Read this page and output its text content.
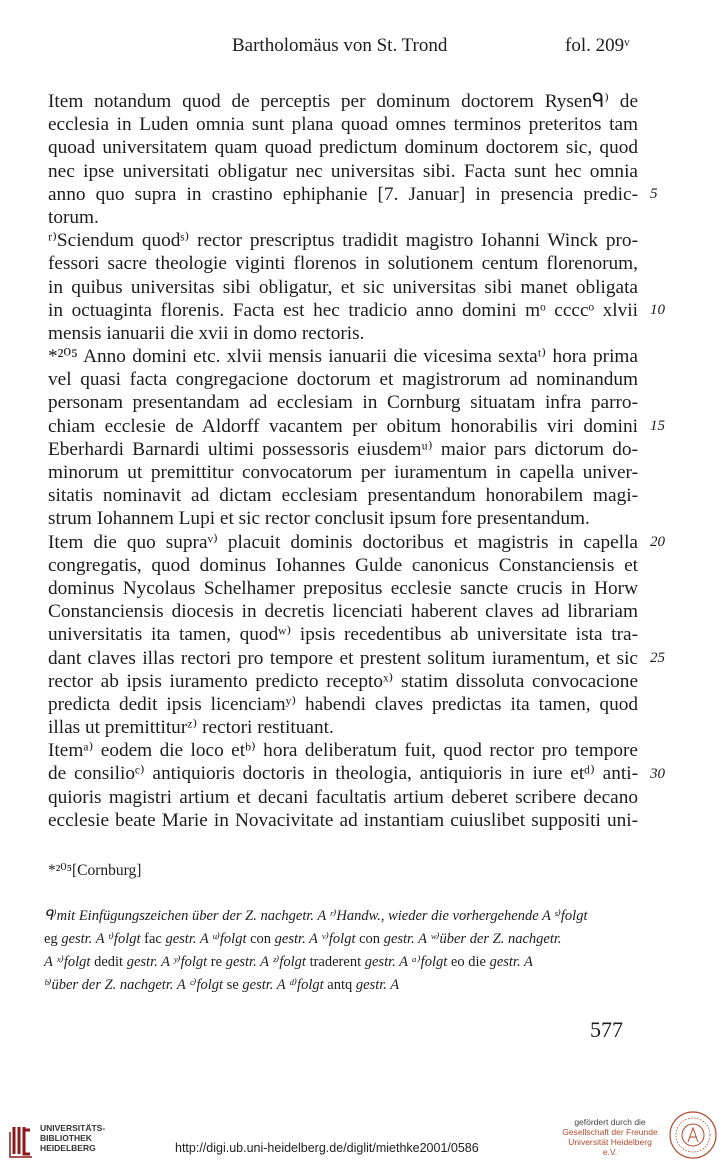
Bartholomäus von St. Trond	fol. 209ᵛ
Item notandum quod de perceptis per dominum doctorem Rysenᑫ⁾ de
ecclesia in Luden omnia sunt plana quoad omnes terminos preteritos tam
quoad universitatem quam quoad predictum dominum doctorem sic, quod
nec ipse universitati obligatur nec universitas sibi. Facta sunt hec omnia
anno quo supra in crastino ephiphanie [7. Januar] in presencia predic-
torum.
ʳ⁾Sciendum quodˢ⁾ rector prescriptus tradidit magistro Iohanni Winck pro-
fessori sacre theologie viginti florenos in solutionem centum florenorum,
in quibus universitas sibi obligatur, et sic universitas sibi manet obligata
in octuaginta florenis. Facta est hec tradicio anno domini mᵒ ccccᵒ xlvii
mensis ianuarii die xvii in domo rectoris.
*²⁰⁵ Anno domini etc. xlvii mensis ianuarii die vicesima sextaᵗ⁾ hora prima
vel quasi facta congregacione doctorum et magistrorum ad nominandum
personam presentandam ad ecclesiam in Cornburg situatam infra parro-
chiam ecclesie de Aldorff vacantem per obitum honorabilis viri domini
Eberhardi Barnardi ultimi possessoris eiusdemᵘ⁾ maior pars dictorum do-
minorum ut premittitur convocatorum per iuramentum in capella univer-
sitatis nominavit ad dictam ecclesiam presentandum honorabilem magi-
strum Iohannem Lupi et sic rector conclusit ipsum fore presentandum.
Item die quo supraᵛ⁾ placuit dominis doctoribus et magistris in capella
congregatis, quod dominus Iohannes Gulde canonicus Constanciensis et
dominus Nycolaus Schelhamer prepositus ecclesie sancte crucis in Horw
Constanciensis diocesis in decretis licenciati haberent claves ad librariam
universitatis ita tamen, quodʷ⁾ ipsis recedentibus ab universitate ista tra-
dant claves illas rectori pro tempore et prestent solitum iuramentum, et sic
rector ab ipsis iuramento predicto receptoˣ⁾ statim dissoluta convocacione
predicta dedit ipsis licenciamʸ⁾ habendi claves predictas ita tamen, quod
illas ut premittiturᶻ⁾ rectori restituant.
Itemᵃ⁾ eodem die loco etᵇ⁾ hora deliberatum fuit, quod rector pro tempore
de consilioᶜ⁾ antiquioris doctoris in theologia, antiquioris in iure etᵈ⁾ anti-
quioris magistri artium et decani facultatis artium deberet scribere decano
ecclesie beate Marie in Novacivitate ad instantiam cuiuslibet suppositi uni-
5
10
15
20
25
30
*²⁰⁵[Cornburg]
ᑫ⁾mit Einfügungszeichen über der Z. nachgetr. A ʳ⁾Handw., wieder die vorhergehende A ˢ⁾folgt
eg gestr. A ᵗ⁾folgt fac gestr. A ᵘ⁾folgt con gestr. A ᵛ⁾folgt con gestr. A ʷ⁾über der Z. nachgetr.
A ˣ⁾folgt dedit gestr. A ʸ⁾folgt re gestr. A ᶻ⁾folgt traderent gestr. A ᵃ⁾folgt eo die gestr. A
ᵇ⁾über der Z. nachgetr. A ᶜ⁾folgt se gestr. A ᵈ⁾folgt antq gestr. A
577
UNIVERSITÄTS-
BIBLIOTHEK
HEIDELBERG	http://digi.ub.uni-heidelberg.de/diglit/miethke2001/0586
gefördert durch die
Gesellschaft der Freunde
Universität Heidelberg e.V.
